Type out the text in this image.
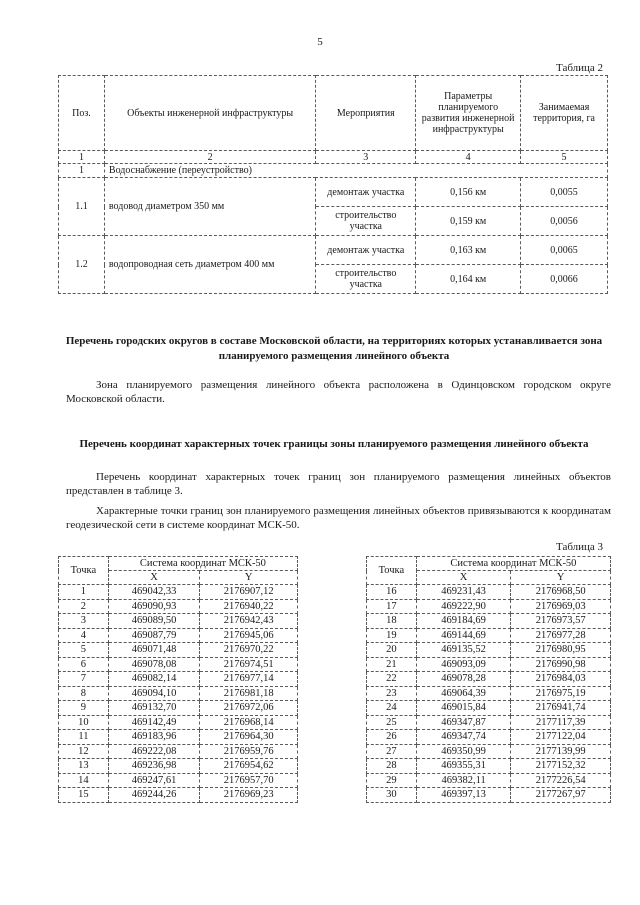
5
Таблица 2
Поз.	Объекты инженерной инфраструктуры	Мероприятия	Параметры планируемого развития инженерной инфраструктуры	Занимаемая территория, га
1	2	3	4	5
1	Водоснабжение (переустройство)			
1.1	водовод диаметром 350 мм	демонтаж участка	0,156 км	0,0055
		строительство участка	0,159 км	0,0056
1.2	водопроводная сеть диаметром 400 мм	демонтаж участка	0,163 км	0,0065
		строительство участка	0,164 км	0,0066
Перечень городских округов в составе Московской области, на территориях которых устанавливается зона планируемого размещения линейного объекта

Зона планируемого размещения линейного объекта расположена в Одинцовском городском округе Московской области.

Перечень координат характерных точек границы зоны планируемого размещения линейного объекта

Перечень координат характерных точек границ зон планируемого размещения линейных объектов представлен в таблице 3.

Характерные точки границ зон планируемого размещения линейных объектов привязываются к координатам геодезической сети в системе координат МСК-50.

Таблица 3
Точка	Система координат МСК-50	
	X	Y
1	469042,33	2176907,12
2	469090,93	2176940,22
3	469089,50	2176942,43
4	469087,79	2176945,06
5	469071,48	2176970,22
6	469078,08	2176974,51
7	469082,14	2176977,14
8	469094,10	2176981,18
9	469132,70	2176972,06
10	469142,49	2176968,14
11	469183,96	2176964,30
12	469222,08	2176959,76
13	469236,98	2176954,62
14	469247,61	2176957,70
15	469244,26	2176969,23
Точка	Система координат МСК-50	
	X	Y
16	469231,43	2176968,50
17	469222,90	2176969,03
18	469184,69	2176973,57
19	469144,69	2176977,28
20	469135,52	2176980,95
21	469093,09	2176990,98
22	469078,28	2176984,03
23	469064,39	2176975,19
24	469015,84	2176941,74
25	469347,87	2177117,39
26	469347,74	2177122,04
27	469350,99	2177139,99
28	469355,31	2177152,32
29	469382,11	2177226,54
30	469397,13	2177267,97
